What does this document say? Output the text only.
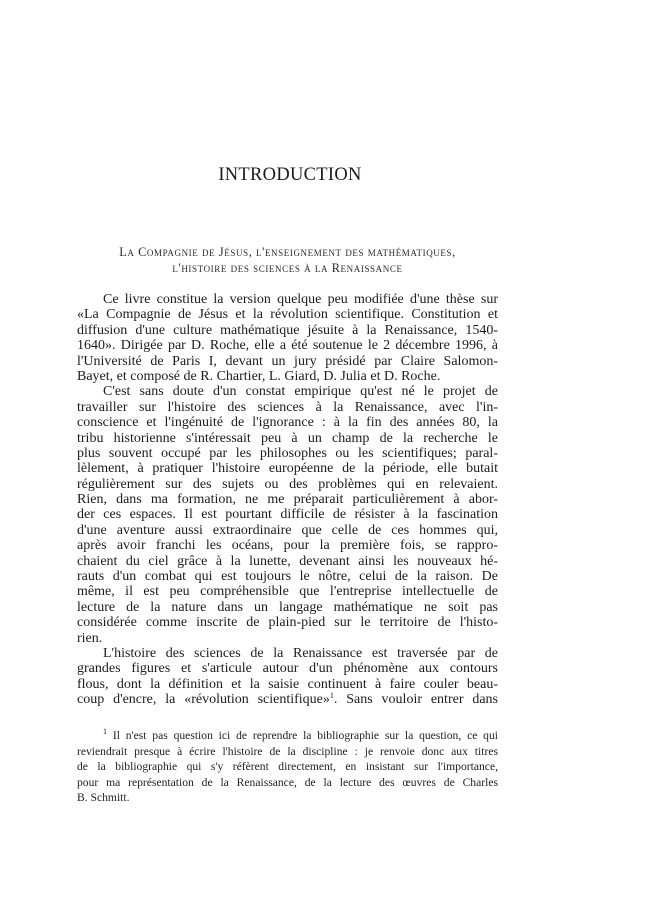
INTRODUCTION
La Compagnie de Jésus, l'enseignement des mathématiques,
l'histoire des sciences à la Renaissance
Ce livre constitue la version quelque peu modifiée d'une thèse sur
«La Compagnie de Jésus et la révolution scientifique. Constitution et
diffusion d'une culture mathématique jésuite à la Renaissance, 1540-
1640». Dirigée par D. Roche, elle a été soutenue le 2 décembre 1996, à
l'Université de Paris I, devant un jury présidé par Claire Salomon-
Bayet, et composé de R. Chartier, L. Giard, D. Julia et D. Roche.
C'est sans doute d'un constat empirique qu'est né le projet de
travailler sur l'histoire des sciences à la Renaissance, avec l'in-
conscience et l'ingénuité de l'ignorance : à la fin des années 80, la
tribu historienne s'intéressait peu à un champ de la recherche le
plus souvent occupé par les philosophes ou les scientifiques; paral-
lèlement, à pratiquer l'histoire européenne de la période, elle butait
régulièrement sur des sujets ou des problèmes qui en relevaient.
Rien, dans ma formation, ne me préparait particulièrement à abor-
der ces espaces. Il est pourtant difficile de résister à la fascination
d'une aventure aussi extraordinaire que celle de ces hommes qui,
après avoir franchi les océans, pour la première fois, se rappro-
chaient du ciel grâce à la lunette, devenant ainsi les nouveaux hé-
rauts d'un combat qui est toujours le nôtre, celui de la raison. De
même, il est peu compréhensible que l'entreprise intellectuelle de
lecture de la nature dans un langage mathématique ne soit pas
considérée comme inscrite de plain-pied sur le territoire de l'histo-
rien.
L'histoire des sciences de la Renaissance est traversée par de
grandes figures et s'articule autour d'un phénomène aux contours
flous, dont la définition et la saisie continuent à faire couler beau-
coup d'encre, la «révolution scientifique»$^1$. Sans vouloir entrer dans
$^1$ Il n'est pas question ici de reprendre la bibliographie sur la question, ce qui
reviendrait presque à écrire l'histoire de la discipline : je renvoie donc aux titres
de la bibliographie qui s'y réfèrent directement, en insistant sur l'importance,
pour ma représentation de la Renaissance, de la lecture des œuvres de Charles
B. Schmitt.
